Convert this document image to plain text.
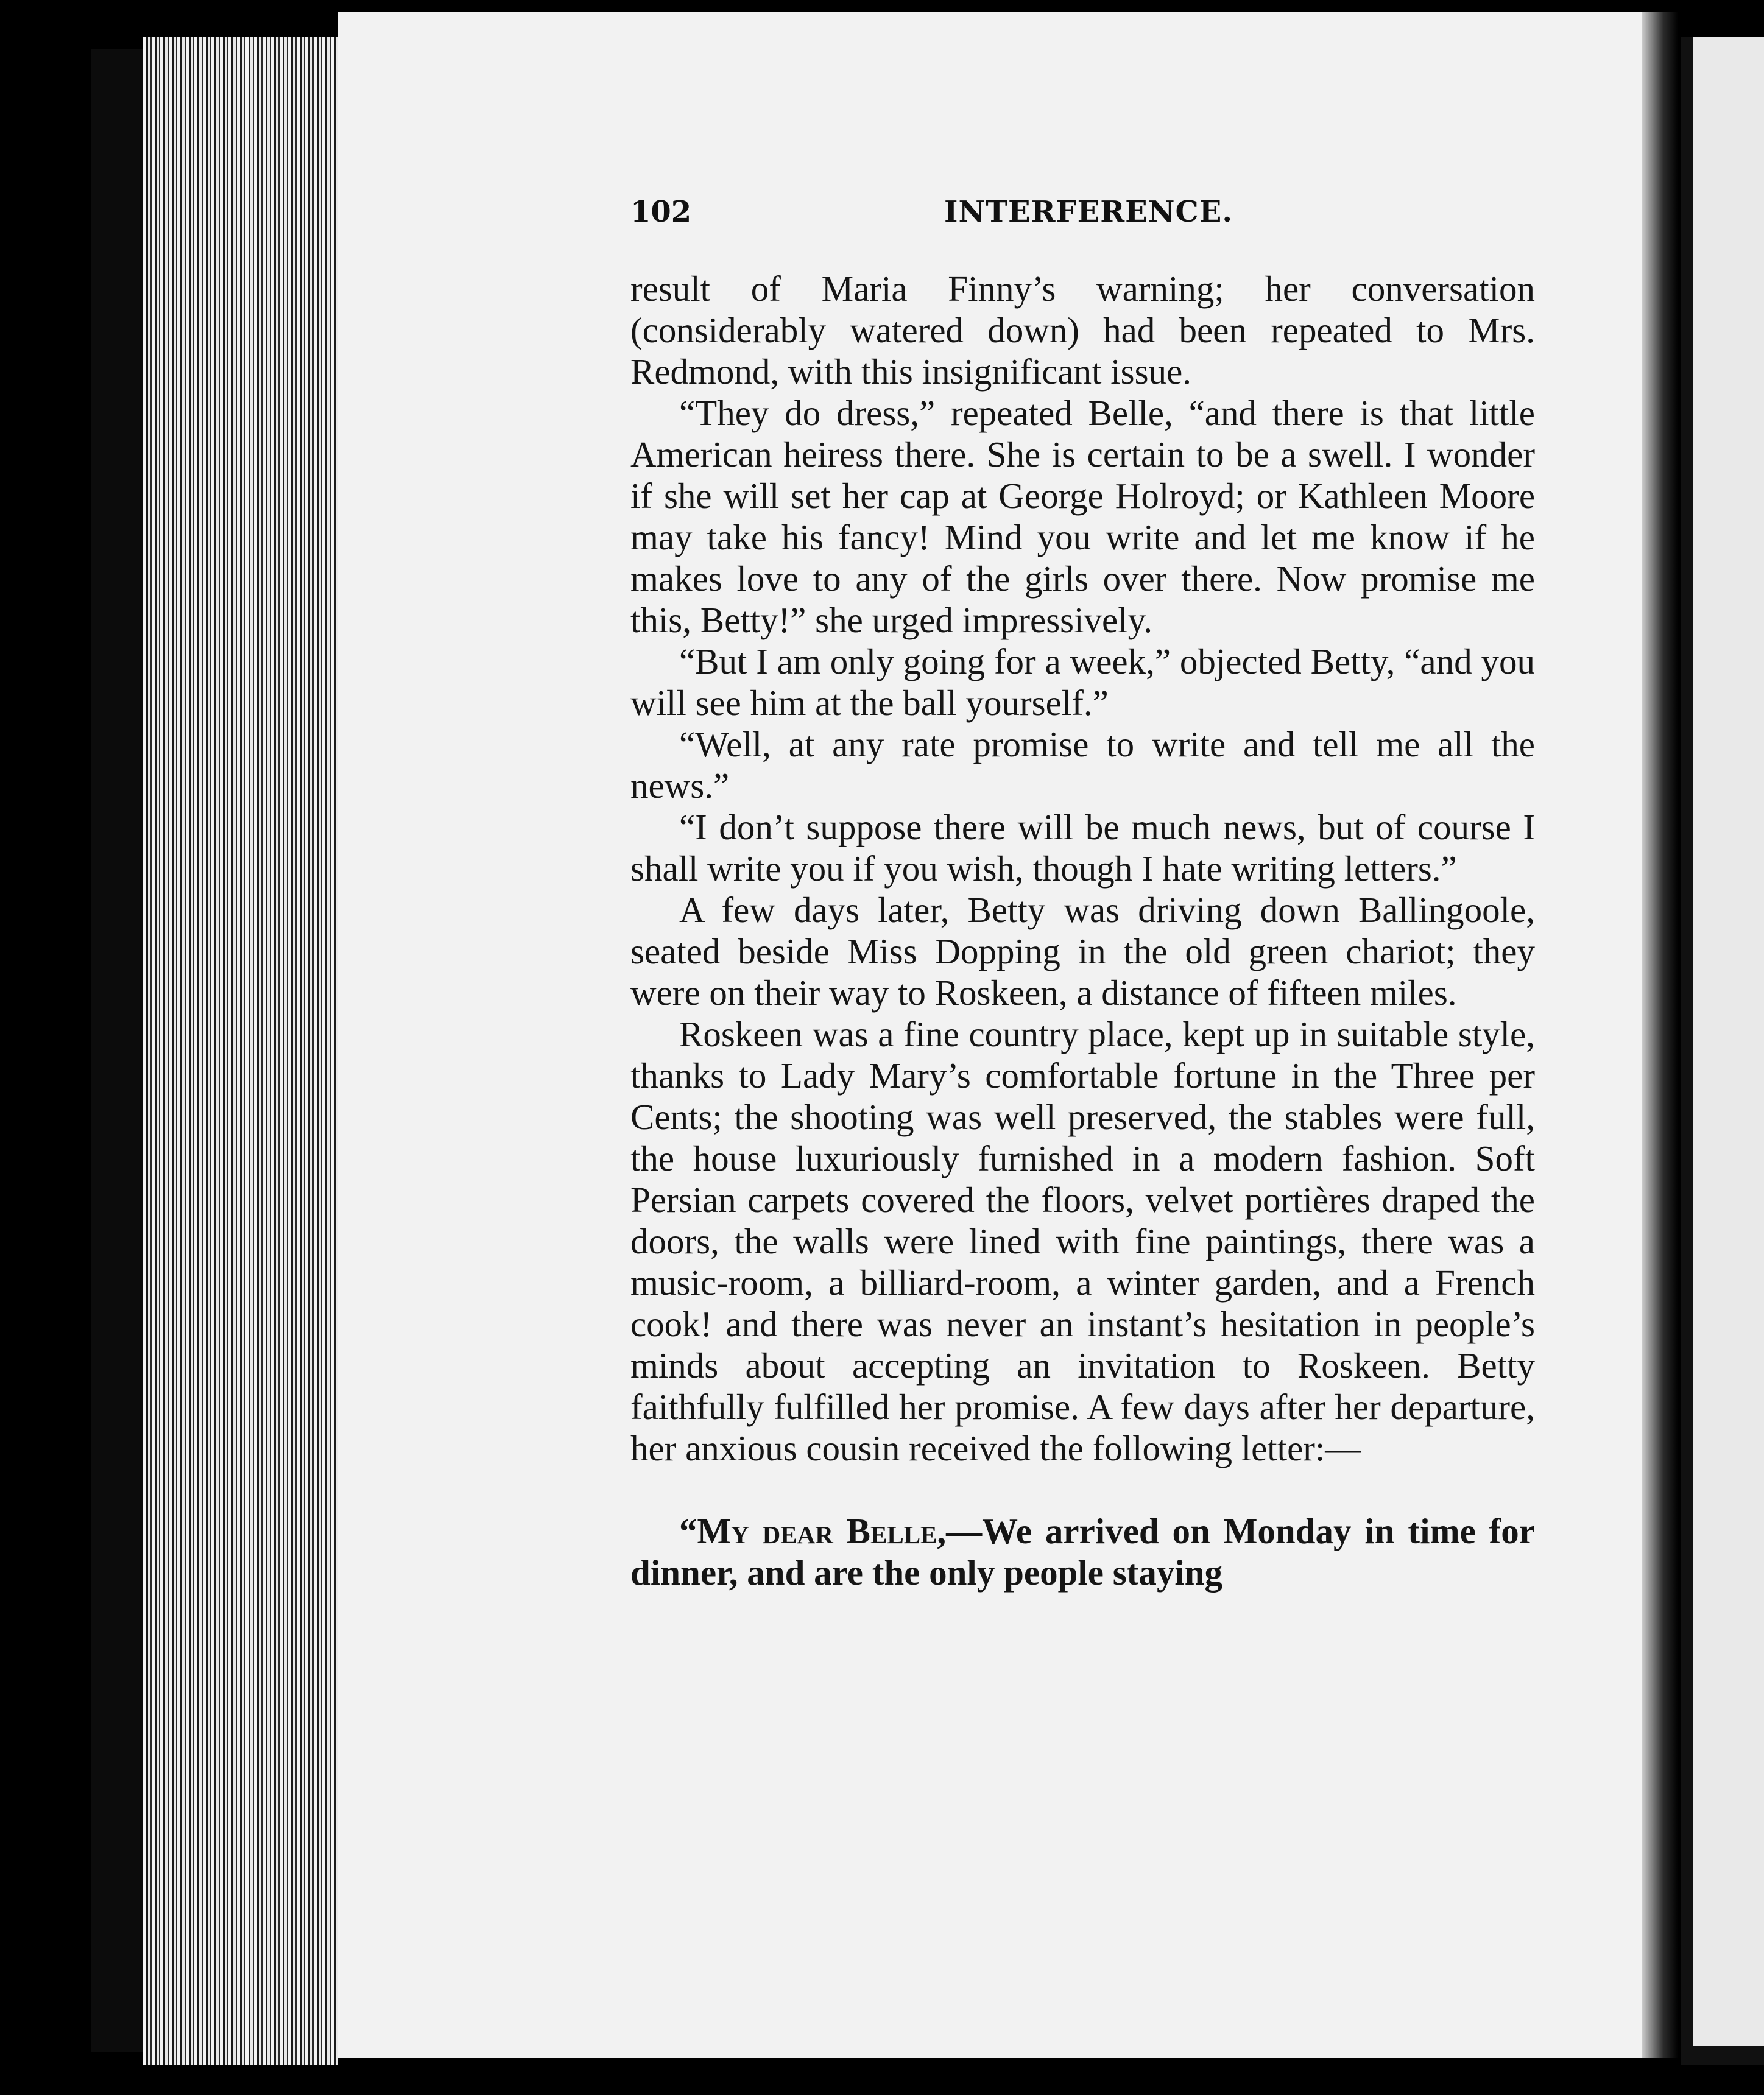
102	INTERFERENCE.

result of Maria Finny’s warning; her conversation (considerably watered down) had been repeated to Mrs. Redmond, with this insignificant issue.

“They do dress,” repeated Belle, “and there is that little American heiress there. She is certain to be a swell. I wonder if she will set her cap at George Holroyd; or Kathleen Moore may take his fancy! Mind you write and let me know if he makes love to any of the girls over there. Now promise me this, Betty!” she urged impressively.

“But I am only going for a week,” objected Betty, “and you will see him at the ball yourself.”

“Well, at any rate promise to write and tell me all the news.”

“I don’t suppose there will be much news, but of course I shall write you if you wish, though I hate writing letters.”

A few days later, Betty was driving down Ballingoole, seated beside Miss Dopping in the old green chariot; they were on their way to Roskeen, a distance of fifteen miles.

Roskeen was a fine country place, kept up in suitable style, thanks to Lady Mary’s comfortable fortune in the Three per Cents; the shooting was well preserved, the stables were full, the house luxuriously furnished in a modern fashion. Soft Persian carpets covered the floors, velvet portières draped the doors, the walls were lined with fine paintings, there was a music-room, a billiard-room, a winter garden, and a French cook! and there was never an instant’s hesitation in people’s minds about accepting an invitation to Roskeen. Betty faithfully fulfilled her promise. A few days after her departure, her anxious cousin received the following letter:—

“My dear Belle,—We arrived on Monday in time for dinner, and are the only people staying
